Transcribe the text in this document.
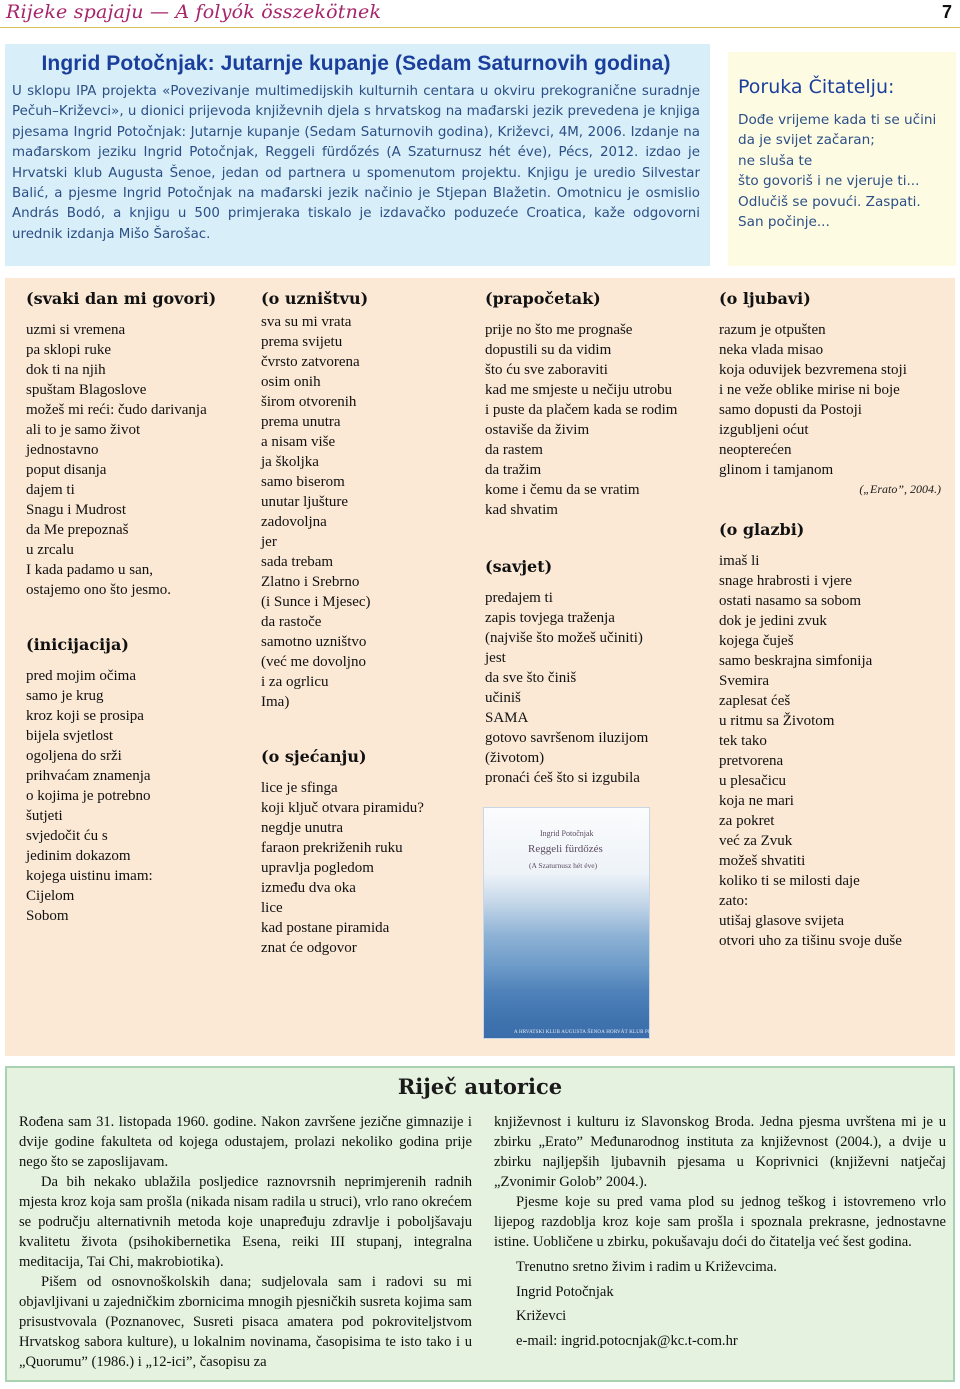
Rijeke spajaju — A folyók összekötnek	7
Ingrid Potočnjak: Jutarnje kupanje (Sedam Saturnovih godina)

U sklopu IPA projekta «Povezivanje multimedijskih kulturnih centara u okviru prekogranične suradnje Pečuh–Križevci», u dionici prijevoda književnih djela s hrvatskog na mađarski jezik prevedena je knjiga pjesama Ingrid Potočnjak: Jutarnje kupanje (Sedam Saturnovih godina), Križevci, 4M, 2006. Izdanje na mađarskom jeziku Ingrid Potočnjak, Reggeli fürdőzés (A Szaturnusz hét éve), Pécs, 2012. izdao je Hrvatski klub Augusta Šenoe, jedan od partnera u spomenutom projektu. Knjigu je uredio Silvestar Balić, a pjesme Ingrid Potočnjak na mađarski jezik načinio je Stjepan Blažetin. Omotnicu je osmislio András Bodó, a knjigu u 500 primjeraka tiskalo je izdavačko poduzeće Croatica, kaže odgovorni urednik izdanja Mišo Šarošac.

Poruka Čitatelju:

Dođe vrijeme kada ti se učini

da je svijet začaran;

ne sluša te

što govoriš i ne vjeruje ti...

Odlučiš se povući. Zaspati.

San počinje...

(svaki dan mi govori)
uzmi si vremena
pa sklopi ruke
dok ti na njih
spuštam Blagoslove
možeš mi reći: čudo darivanja
ali to je samo život
jednostavno
poput disanja
dajem ti
Snagu i Mudrost
da Me prepoznaš
u zrcalu
I kada padamo u san,
ostajemo ono što jesmo.
(inicijacija)
pred mojim očima
samo je krug
kroz koji se prosipa
bijela svjetlost
ogoljena do srži
prihvaćam znamenja
o kojima je potrebno
šutjeti
svjedočit ću s
jedinim dokazom
kojega uistinu imam:
Cijelom
Sobom
(o uzništvu)
sva su mi vrata
prema svijetu
čvrsto zatvorena
osim onih
širom otvorenih
prema unutra
a nisam više
ja školjka
samo biserom
unutar ljušture
zadovoljna
jer
sada trebam
Zlatno i Srebrno
(i Sunce i Mjesec)
da rastoče
samotno uzništvo
(već me dovoljno
i za ogrlicu
Ima)
(o sjećanju)
lice je sfinga
koji ključ otvara piramidu?
negdje unutra
faraon prekriženih ruku
upravlja pogledom
između dva oka
lice
kad postane piramida
znat će odgovor
(prapočetak)
prije no što me prognaše
dopustili su da vidim
što ću sve zaboraviti
kad me smjeste u nečiju utrobu
i puste da plačem kada se rodim
ostaviše da živim
da rastem
da tražim
kome i čemu da se vratim
kad shvatim
(savjet)
predajem ti
zapis tovjega traženja
(najviše što možeš učiniti)
jest
da sve što činiš
učiniš
SAMA
gotovo savršenom iluzijom
(životom)
pronaći ćeš što si izgubila
(o ljubavi)
razum je otpušten
neka vlada misao
koja oduvijek bezvremena stoji
i ne veže oblike mirise ni boje
samo dopusti da Postoji
izgubljeni oćut
neopterećen
glinom i tamjanom
(„Erato”, 2004.)
(o glazbi)
imaš li
snage hrabrosti i vjere
ostati nasamo sa sobom
dok je jedini zvuk
kojega čuješ
samo beskrajna simfonija
Svemira
zaplesat ćeš
u ritmu sa Životom
tek tako
pretvorena
u plesačicu
koja ne mari
za pokret
već za Zvuk
možeš shvatiti
koliko ti se milosti daje
zato:
utišaj glasove svijeta
otvori uho za tišinu svoje duše
Ingrid Potočnjak
Reggeli fürdőzés
(A Szaturnusz hét éve)
A HRVATSKI KLUB AUGUSTA ŠENOA HORVÁT KLUB PÉCS
Riječ autorice

Rođena sam 31. listopada 1960. godine. Nakon završene jezične gimnazije i dvije godine fakulteta od kojega odustajem, prolazi nekoliko godina prije nego što se zaposlijavam.

Da bih nekako ublažila posljedice raznovrsnih neprimjerenih radnih mjesta kroz koja sam prošla (nikada nisam radila u struci), vrlo rano okrećem se području alternativnih metoda koje unapređuju zdravlje i poboljšavaju kvalitetu života (psihokibernetika Esena, reiki III stupanj, integralna meditacija, Tai Chi, makrobiotika).

Pišem od osnovnoškolskih dana; sudjelovala sam i radovi su mi objavljivani u zajedničkim zbornicima mnogih pjesničkih susreta kojima sam prisustvovala (Poznanovec, Susreti pisaca amatera pod pokroviteljstvom Hrvatskog sabora kulture), u lokalnim novinama, časopisima te isto tako i u „Quorumu” (1986.) i „12-ici”, časopisu za

književnost i kulturu iz Slavonskog Broda. Jedna pjesma uvrštena mi je u zbirku „Erato” Međunarodnog instituta za književnost (2004.), a dvije u zbirku najljepših ljubavnih pjesama u Koprivnici (književni natječaj „Zvonimir Golob” 2004.).

Pjesme koje su pred vama plod su jednog teškog i istovremeno vrlo lijepog razdoblja kroz koje sam prošla i spoznala prekrasne, jednostavne istine. Uobličene u zbirku, pokušavaju doći do čitatelja već šest godina.

Trenutno sretno živim i radim u Križevcima.
Ingrid Potočnjak
Križevci
e-mail: ingrid.potocnjak@kc.t-com.hr
